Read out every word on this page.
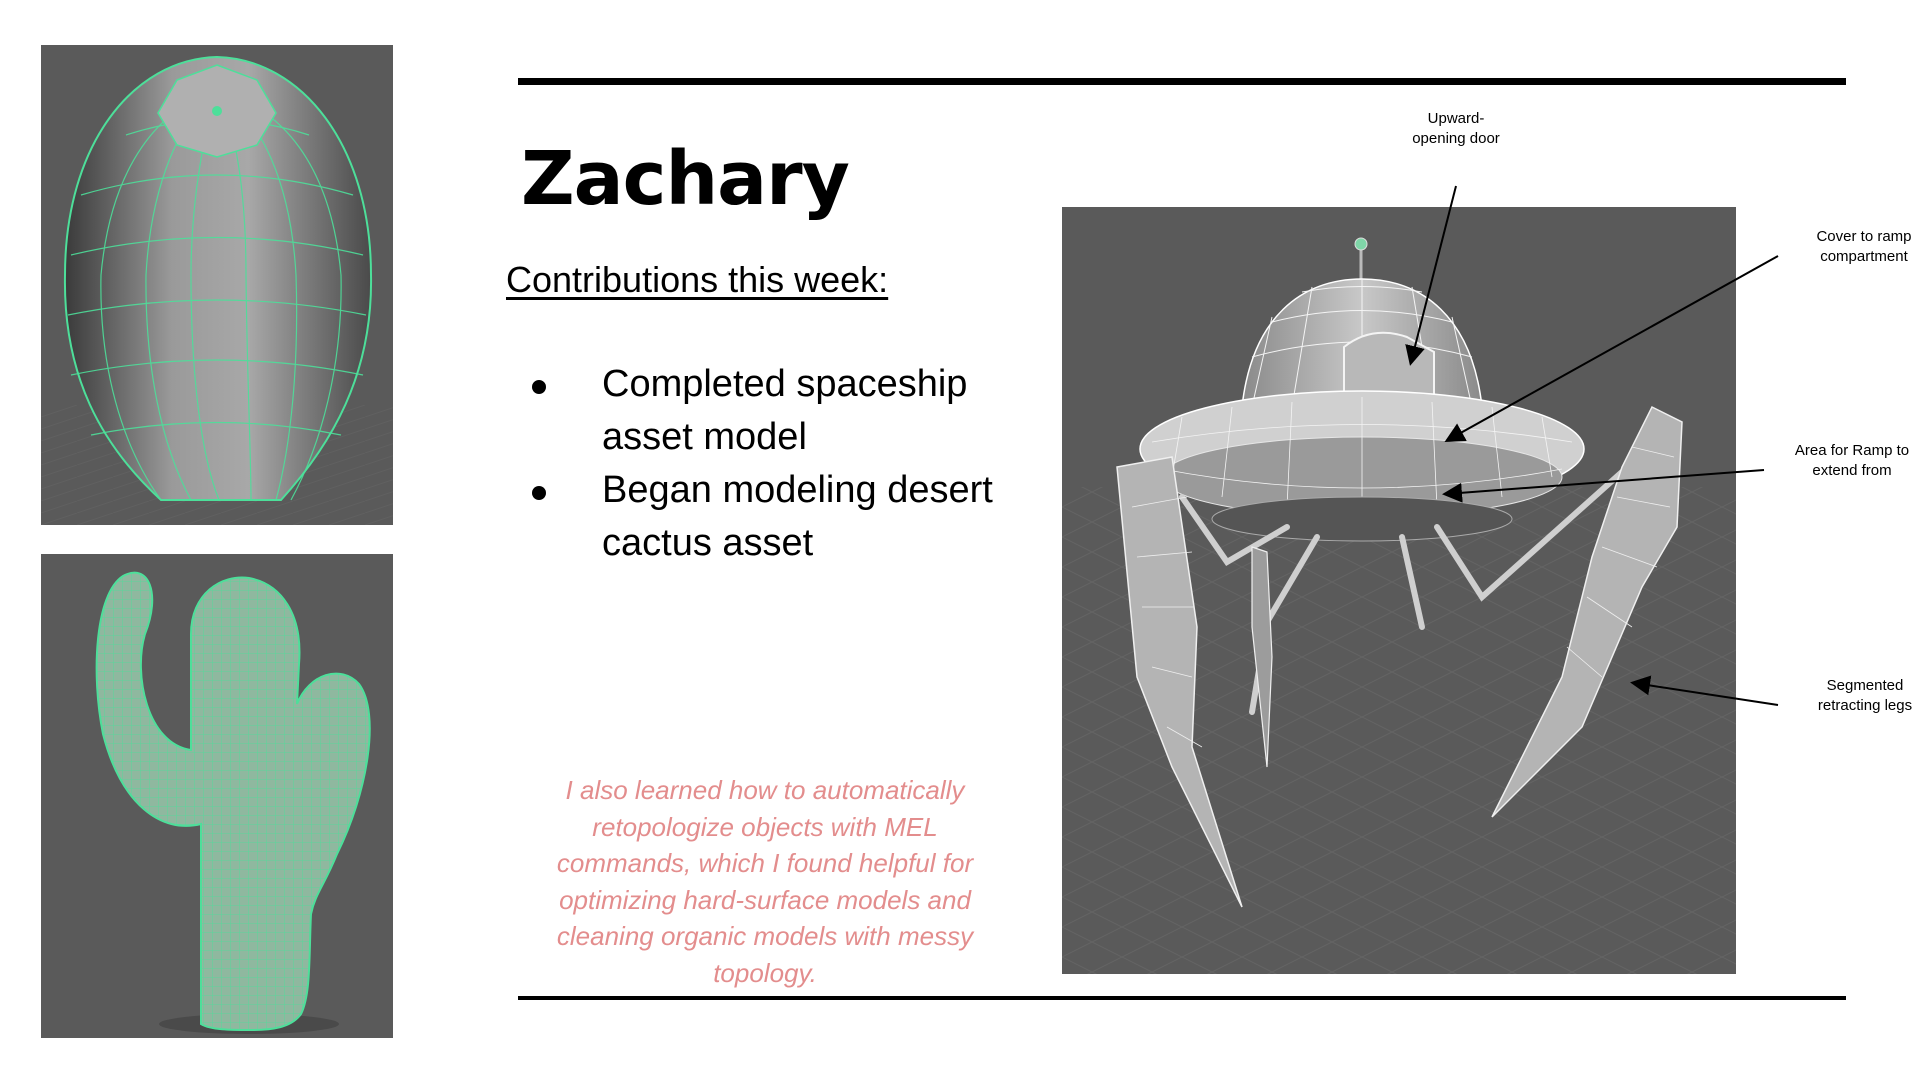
Zachary
Contributions this week:
Completed spaceship asset model
Began modeling desert cactus asset
I also learned how to automatically retopologize objects with MEL commands, which I found helpful for optimizing hard-surface models and cleaning organic models with messy topology.
Upward-opening door
Cover to ramp compartment
Area for Ramp to extend from
Segmented retracting legs
